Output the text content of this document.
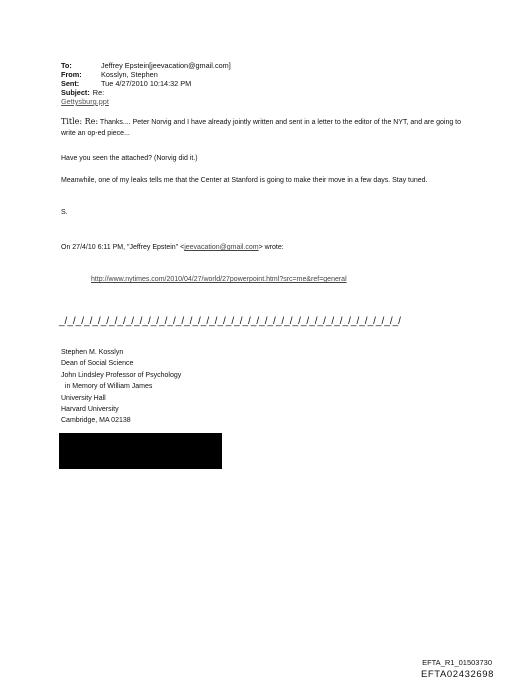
To:	Jeffrey Epstein[jeevacation@gmail.com]
From:	Kosslyn, Stephen
Sent:	Tue 4/27/2010 10:14:32 PM
Subject: Re:
Gettysburg.ppt
Title: Re: Thanks.... Peter Norvig and I have already jointly written and sent in a letter to the editor of the NYT, and are going to write an op-ed piece...
Have you seen the attached? (Norvig did it.)
Meanwhile, one of my leaks tells me that the Center at Stanford is going to make their move in a few days. Stay tuned.
S.
On 27/4/10 6:11 PM, "Jeffrey Epstein" <jeevacation@gmail.com> wrote:
http://www.nytimes.com/2010/04/27/world/27powerpoint.html?src=me&ref=general
_/_/_/_/_/_/_/_/_/_/_/_/_/_/_/_/_/_/_/_/_/_/_/_/_/_/_/_/_/_/_/_/_/_/_/_/_/_/_/_/_/
Stephen M. Kosslyn
Dean of Social Science
John Lindsley Professor of Psychology
in Memory of William James
University Hall
Harvard University
Cambridge, MA 02138
EFTA_R1_01503730
EFTA02432698
